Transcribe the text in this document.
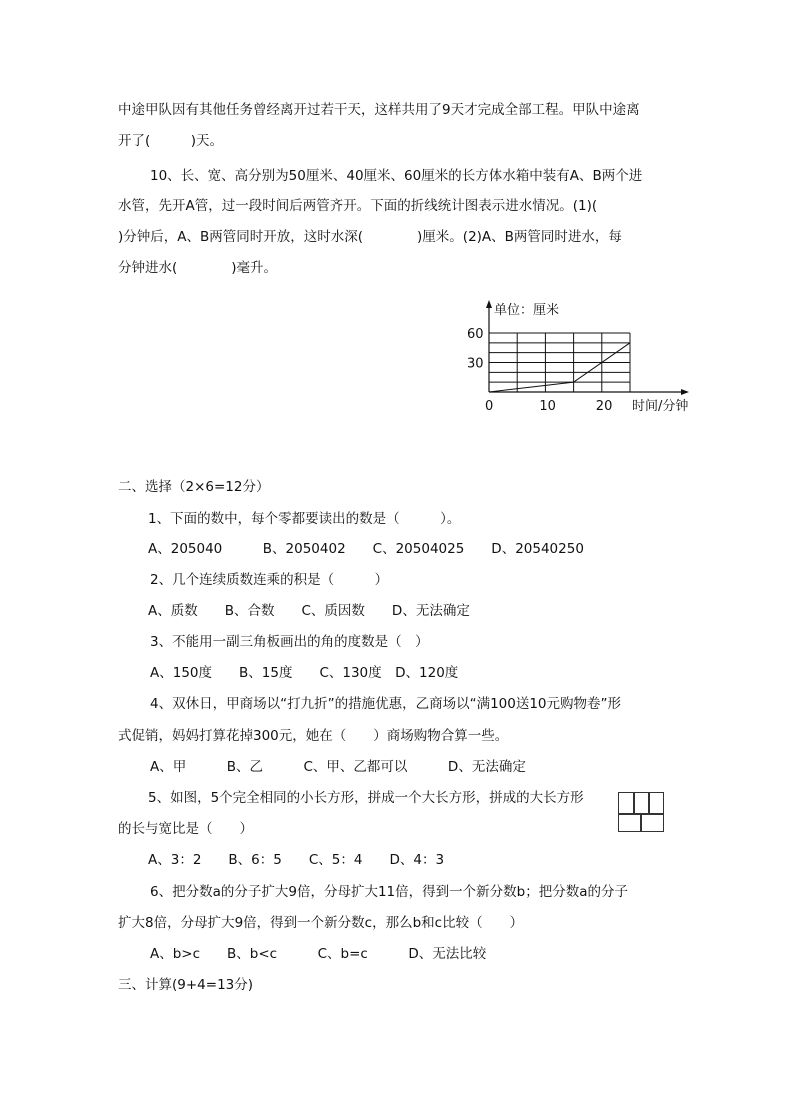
中途甲队因有其他任务曾经离开过若干天，这样共用了9天才完成全部工程。甲队中途离
开了(　　　)天。
10、长、宽、高分别为50厘米、40厘米、60厘米的长方体水箱中装有A、B两个进
水管，先开A管，过一段时间后两管齐开。下面的折线统计图表示进水情况。(1)(
)分钟后，A、B两管同时开放，这时水深(　　　　)厘米。(2)A、B两管同时进水，每
分钟进水(　　　　)毫升。
单位：厘米
时间/分钟
0	10	20
30
60
二、选择（2×6=12分）
1、下面的数中，每个零都要读出的数是（　　　）。
A、205040　　　B、2050402　　C、20504025　　D、20540250
2、几个连续质数连乘的积是（　　　）
A、质数　　B、合数　　C、质因数　　D、无法确定
3、不能用一副三角板画出的角的度数是（　）
A、150度　　B、15度　　C、130度　D、120度
4、双休日，甲商场以“打九折”的措施优惠，乙商场以“满100送10元购物卷”形
式促销，妈妈打算花掉300元，她在（　　）商场购物合算一些。
A、甲　　　B、乙　　　C、甲、乙都可以　　　D、无法确定
5、如图，5个完全相同的小长方形，拼成一个大长方形，拼成的大长方形
的长与宽比是（　　）
A、3：2　　B、6：5　　C、5：4　　D、4：3
6、把分数a的分子扩大9倍，分母扩大11倍，得到一个新分数b；把分数a的分子
扩大8倍，分母扩大9倍，得到一个新分数c，那么b和c比较（　　）
A、b>c　　B、b<c　　　C、b=c　　　D、无法比较
三、计算(9+4=13分)
